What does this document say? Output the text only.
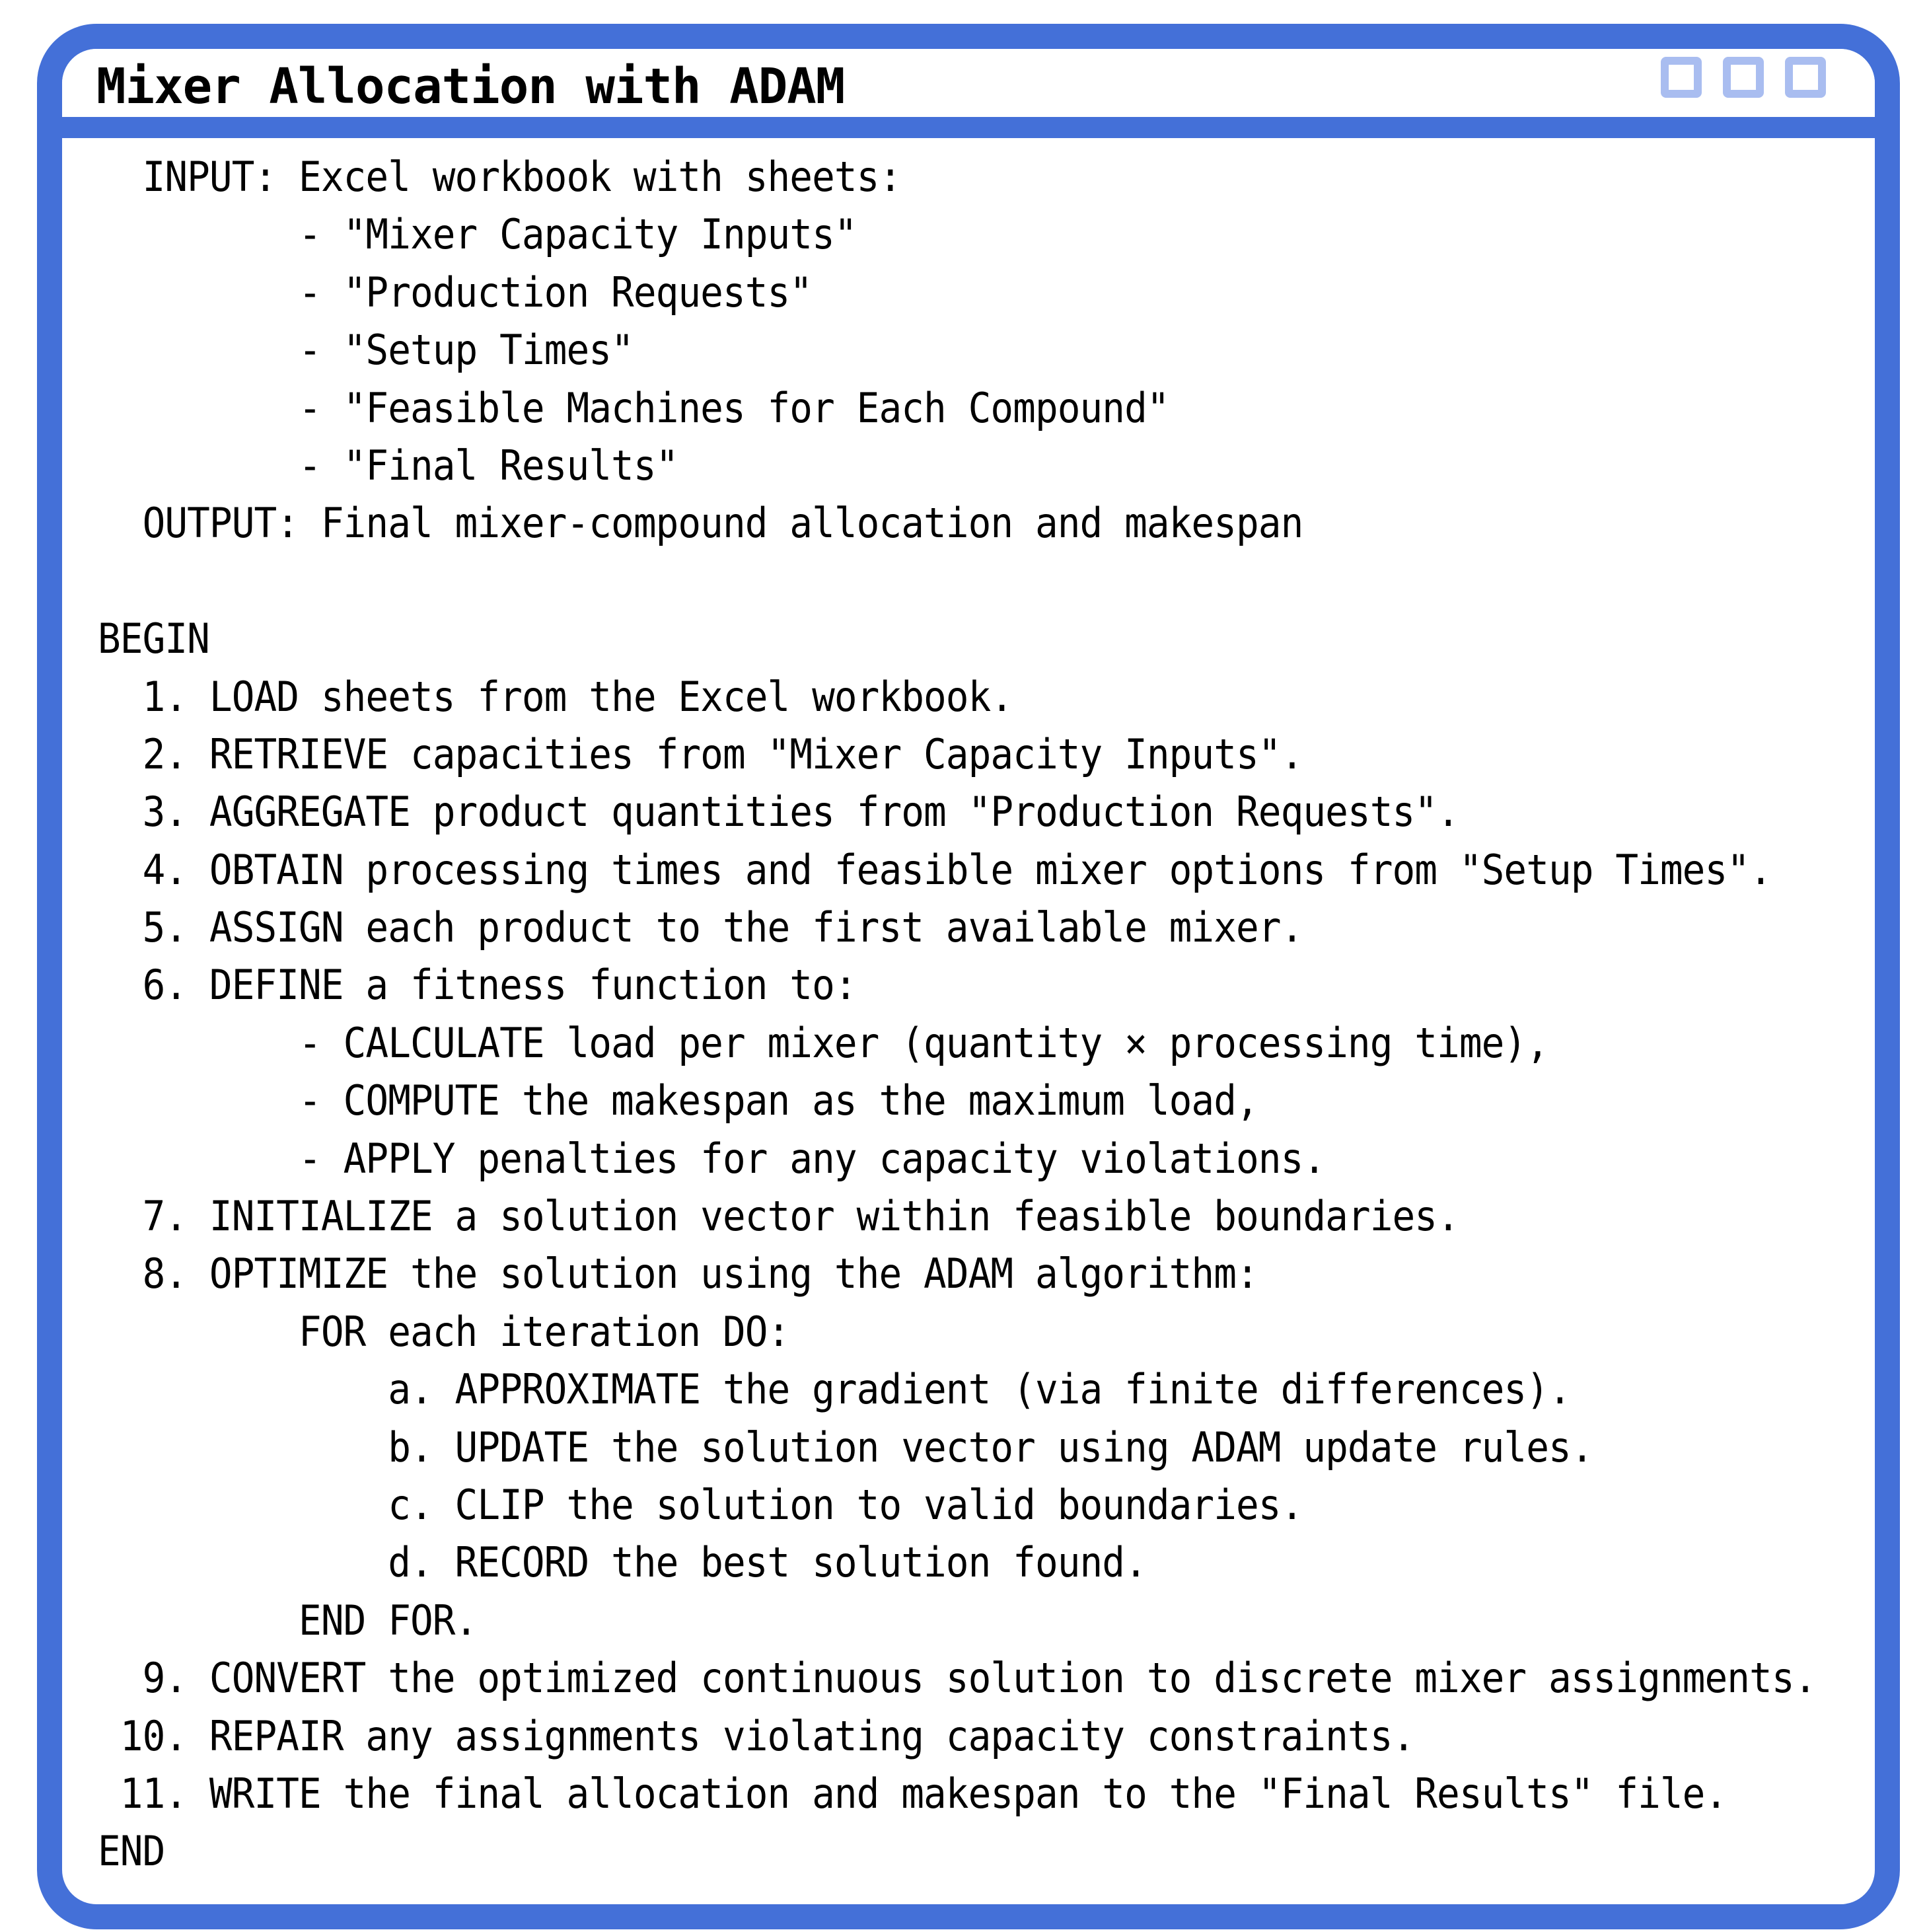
Mixer Allocation with ADAM
INPUT: Excel workbook with sheets:
- "Mixer Capacity Inputs"
- "Production Requests"
- "Setup Times"
- "Feasible Machines for Each Compound"
- "Final Results"
OUTPUT: Final mixer-compound allocation and makespan
BEGIN
1. LOAD sheets from the Excel workbook.
2. RETRIEVE capacities from "Mixer Capacity Inputs".
3. AGGREGATE product quantities from "Production Requests".
4. OBTAIN processing times and feasible mixer options from "Setup Times".
5. ASSIGN each product to the first available mixer.
6. DEFINE a fitness function to:
- CALCULATE load per mixer (quantity × processing time),
- COMPUTE the makespan as the maximum load,
- APPLY penalties for any capacity violations.
7. INITIALIZE a solution vector within feasible boundaries.
8. OPTIMIZE the solution using the ADAM algorithm:
FOR each iteration DO:
a. APPROXIMATE the gradient (via finite differences).
b. UPDATE the solution vector using ADAM update rules.
c. CLIP the solution to valid boundaries.
d. RECORD the best solution found.
END FOR.
9. CONVERT the optimized continuous solution to discrete mixer assignments.
10. REPAIR any assignments violating capacity constraints.
11. WRITE the final allocation and makespan to the "Final Results" file.
END
